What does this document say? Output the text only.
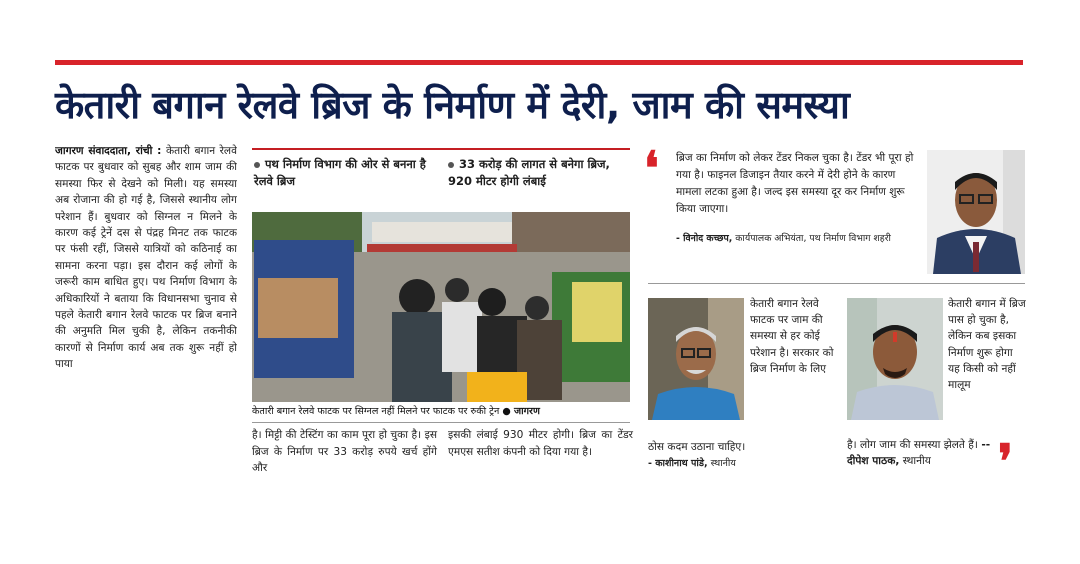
केतारी बगान रेलवे ब्रिज के निर्माण में देरी, जाम की समस्या
जागरण संवाददाता, रांची : केतारी बगान रेलवे फाटक पर बुधवार को सुबह और शाम जाम की समस्या फिर से देखने को मिली। यह समस्या अब रोजाना की हो गई है, जिससे स्थानीय लोग परेशान हैं। बुधवार को सिग्नल न मिलने के कारण कई ट्रेनें दस से पंद्रह मिनट तक फाटक पर फंसी रहीं, जिससे यात्रियों को कठिनाई का सामना करना पड़ा। इस दौरान कई लोगों के जरूरी काम बाधित हुए। पथ निर्माण विभाग के अधिकारियों ने बताया कि विधानसभा चुनाव से पहले केतारी बगान रेलवे फाटक पर ब्रिज बनाने की अनुमति मिल चुकी है, लेकिन तकनीकी कारणों से निर्माण कार्य अब तक शुरू नहीं हो पाया
पथ निर्माण विभाग की ओर से बनना है रेलवे ब्रिज
33 करोड़ की लागत से बनेगा ब्रिज, 920 मीटर होगी लंबाई
केतारी बगान रेलवे फाटक पर सिग्नल नहीं मिलने पर फाटक पर रुकी ट्रेन ● जागरण
है। मिट्टी की टेस्टिंग का काम पूरा हो चुका है। इस ब्रिज के निर्माण पर 33 करोड़ रुपये खर्च होंगे और
इसकी लंबाई 930 मीटर होगी। ब्रिज का टेंडर एमएस सतीश कंपनी को दिया गया है।
❛ ब्रिज का निर्माण को लेकर टेंडर निकल चुका है। टेंडर भी पूरा हो गया है। फाइनल डिजाइन तैयार करने में देरी होने के कारण मामला लटका हुआ है। जल्द इस समस्या दूर कर निर्माण शुरू किया जाएगा।
- विनोद कच्छप, कार्यपालक अभियंता, पथ निर्माण विभाग शहरी
केतारी बगान रेलवे फाटक पर जाम की समस्या से हर कोई परेशान है। सरकार को ब्रिज निर्माण के लिए
ठोस कदम उठाना चाहिए।
- काशीनाथ पांडे, स्थानीय
केतारी बगान में ब्रिज पास हो चुका है, लेकिन कब इसका निर्माण शुरू होगा यह किसी को नहीं मालूम
है। लोग जाम की समस्या झेलते हैं। -- दीपेश पाठक, स्थानीय	❜
